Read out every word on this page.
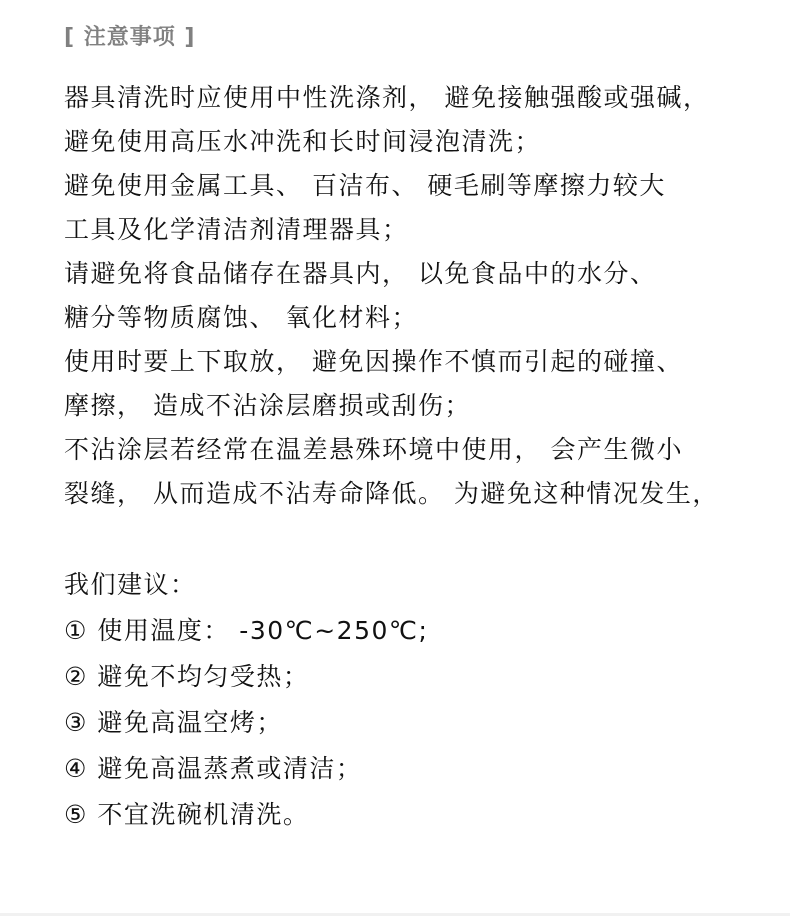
[ 注意事项 ]
器具清洗时应使用中性洗涤剂， 避免接触强酸或强碱，
避免使用高压水冲洗和长时间浸泡清洗；
避免使用金属工具、 百洁布、 硬毛刷等摩擦力较大
工具及化学清洁剂清理器具；
请避免将食品储存在器具内， 以免食品中的水分、
糖分等物质腐蚀、 氧化材料；
使用时要上下取放， 避免因操作不慎而引起的碰撞、
摩擦， 造成不沾涂层磨损或刮伤；
不沾涂层若经常在温差悬殊环境中使用， 会产生微小
裂缝， 从而造成不沾寿命降低。 为避免这种情况发生，
我们建议：
① 使用温度： -30℃~250℃;
② 避免不均匀受热；
③ 避免高温空烤；
④ 避免高温蒸煮或清洁；
⑤ 不宜洗碗机清洗。
